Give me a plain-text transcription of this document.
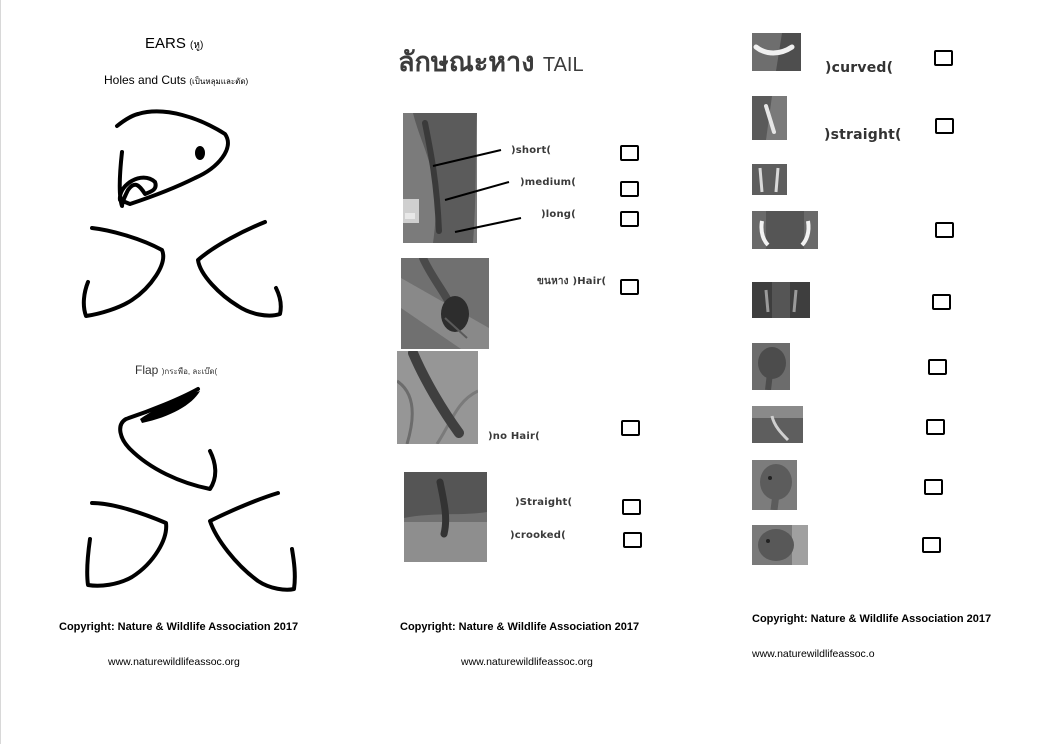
EARS (หู)
Holes and Cuts (เป็นหลุมและตัด)
Flap )กระพือ, ละเบ๊ด(
Copyright: Nature & Wildlife Association 2017
www.naturewildlifeassoc.org
ลักษณะหาง TAIL
)short(
)medium(
)long(
ขนหาง )Hair(
)no Hair(
)Straight(
)crooked(
Copyright: Nature & Wildlife Association 2017
www.naturewildlifeassoc.org
)curved(
)straight(
Copyright: Nature & Wildlife Association 2017
www.naturewildlifeassoc.o
